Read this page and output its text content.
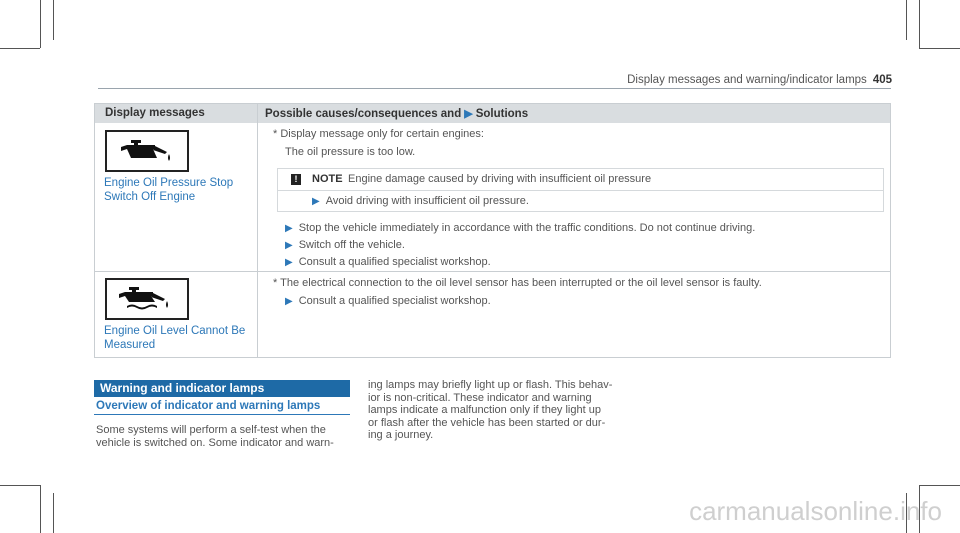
Display messages and warning/indicator lamps 405
Display messages	Possible causes/consequences and ▶ Solutions
Engine Oil Pressure Stop Switch Off Engine
* Display message only for certain engines:
The oil pressure is too low.
!	NOTE Engine damage caused by driving with insufficient oil pressure
▶ Avoid driving with insufficient oil pressure.
▶ Stop the vehicle immediately in accordance with the traffic conditions. Do not continue driving.
▶ Switch off the vehicle.
▶ Consult a qualified specialist workshop.
Engine Oil Level Cannot Be Measured
* The electrical connection to the oil level sensor has been interrupted or the oil level sensor is faulty.
▶ Consult a qualified specialist workshop.
Warning and indicator lamps
Overview of indicator and warning lamps
Some systems will perform a self-test when the
vehicle is switched on. Some indicator and warn-
ing lamps may briefly light up or flash. This behav-
ior is non-critical. These indicator and warning
lamps indicate a malfunction only if they light up
or flash after the vehicle has been started or dur-
ing a journey.
carmanualsonline.info
